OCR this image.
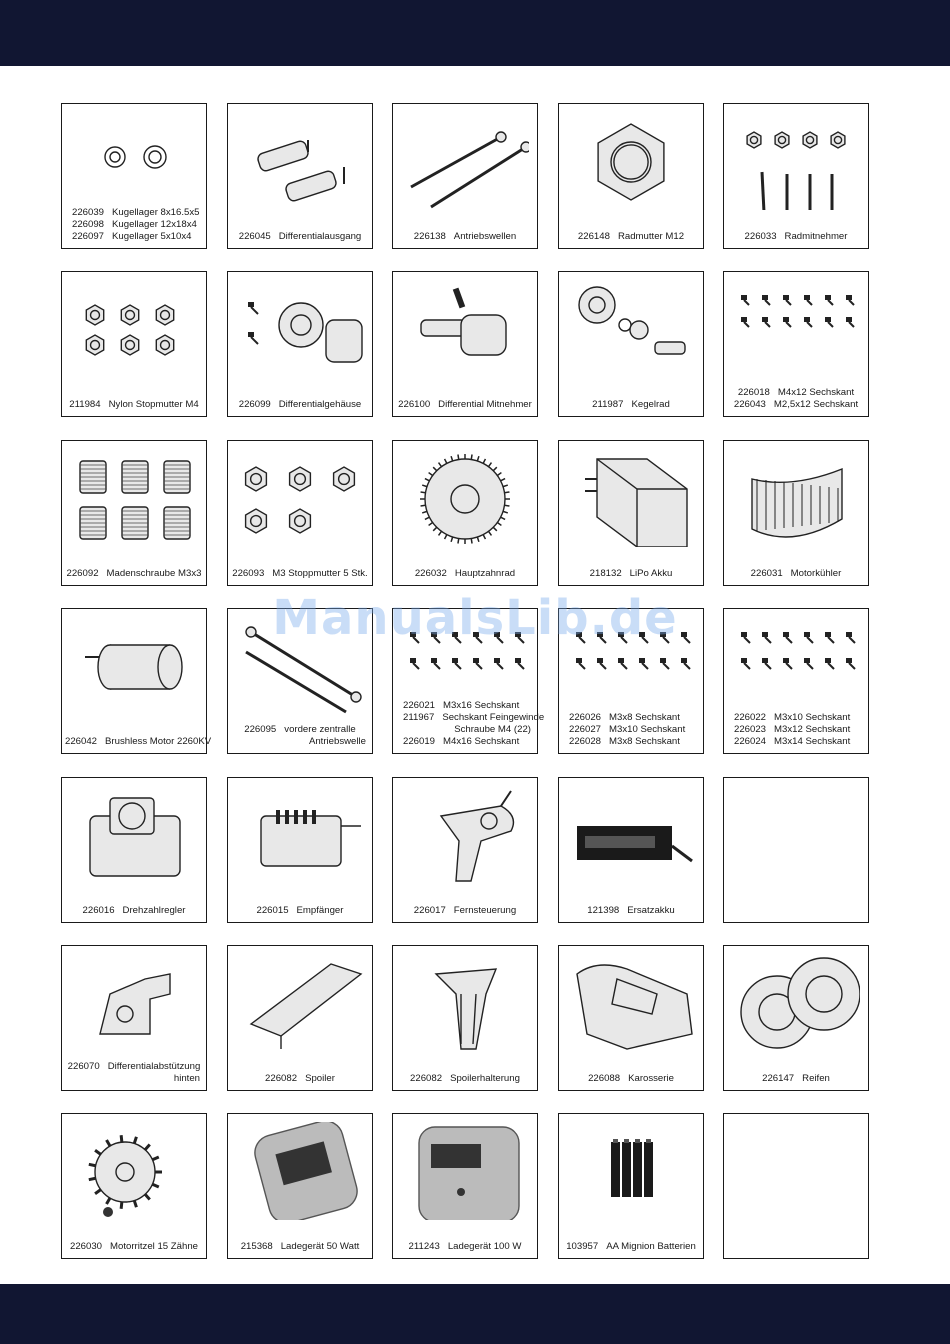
226039 Kugellager 8x16.5x5
226098 Kugellager 12x18x4
226097 Kugellager 5x10x4	226045 Differentialausgang	226138 Antriebswellen	226148 Radmutter M12	226033 Radmitnehmer
211984 Nylon Stopmutter M4	226099 Differentialgehäuse	226100 Differential Mitnehmer	211987 Kegelrad
226018 M4x12 Sechskant
226043 M2,5x12 Sechskant
226092 Madenschraube M3x3	226093 M3 Stoppmutter 5 Stk.	226032 Hauptzahnrad	218132 LiPo Akku	226031 Motorkühler
226042 Brushless Motor 2260KV
226095 vordere zentralle
Antriebswelle
226021 M3x16 Sechskant
211967 Sechskant Feingewinde
Schraube M4 (22)
226019 M4x16 Sechskant
226026 M3x8 Sechskant
226027 M3x10 Sechskant
226028 M3x8 Sechskant
226022 M3x10 Sechskant
226023 M3x12 Sechskant
226024 M3x14 Sechskant
226016 Drehzahlregler	226015 Empfänger	226017 Fernsteuerung	121398 Ersatzakku
226070 Differentialabstützung
hinten	226082 Spoiler	226082 Spoilerhalterung	226088 Karosserie	226147 Reifen
226030 Motorritzel 15 Zähne	215368 Ladegerät 50 Watt	211243 Ladegerät 100 W	103957 AA Mignion Batterien
ManualsLib.de
